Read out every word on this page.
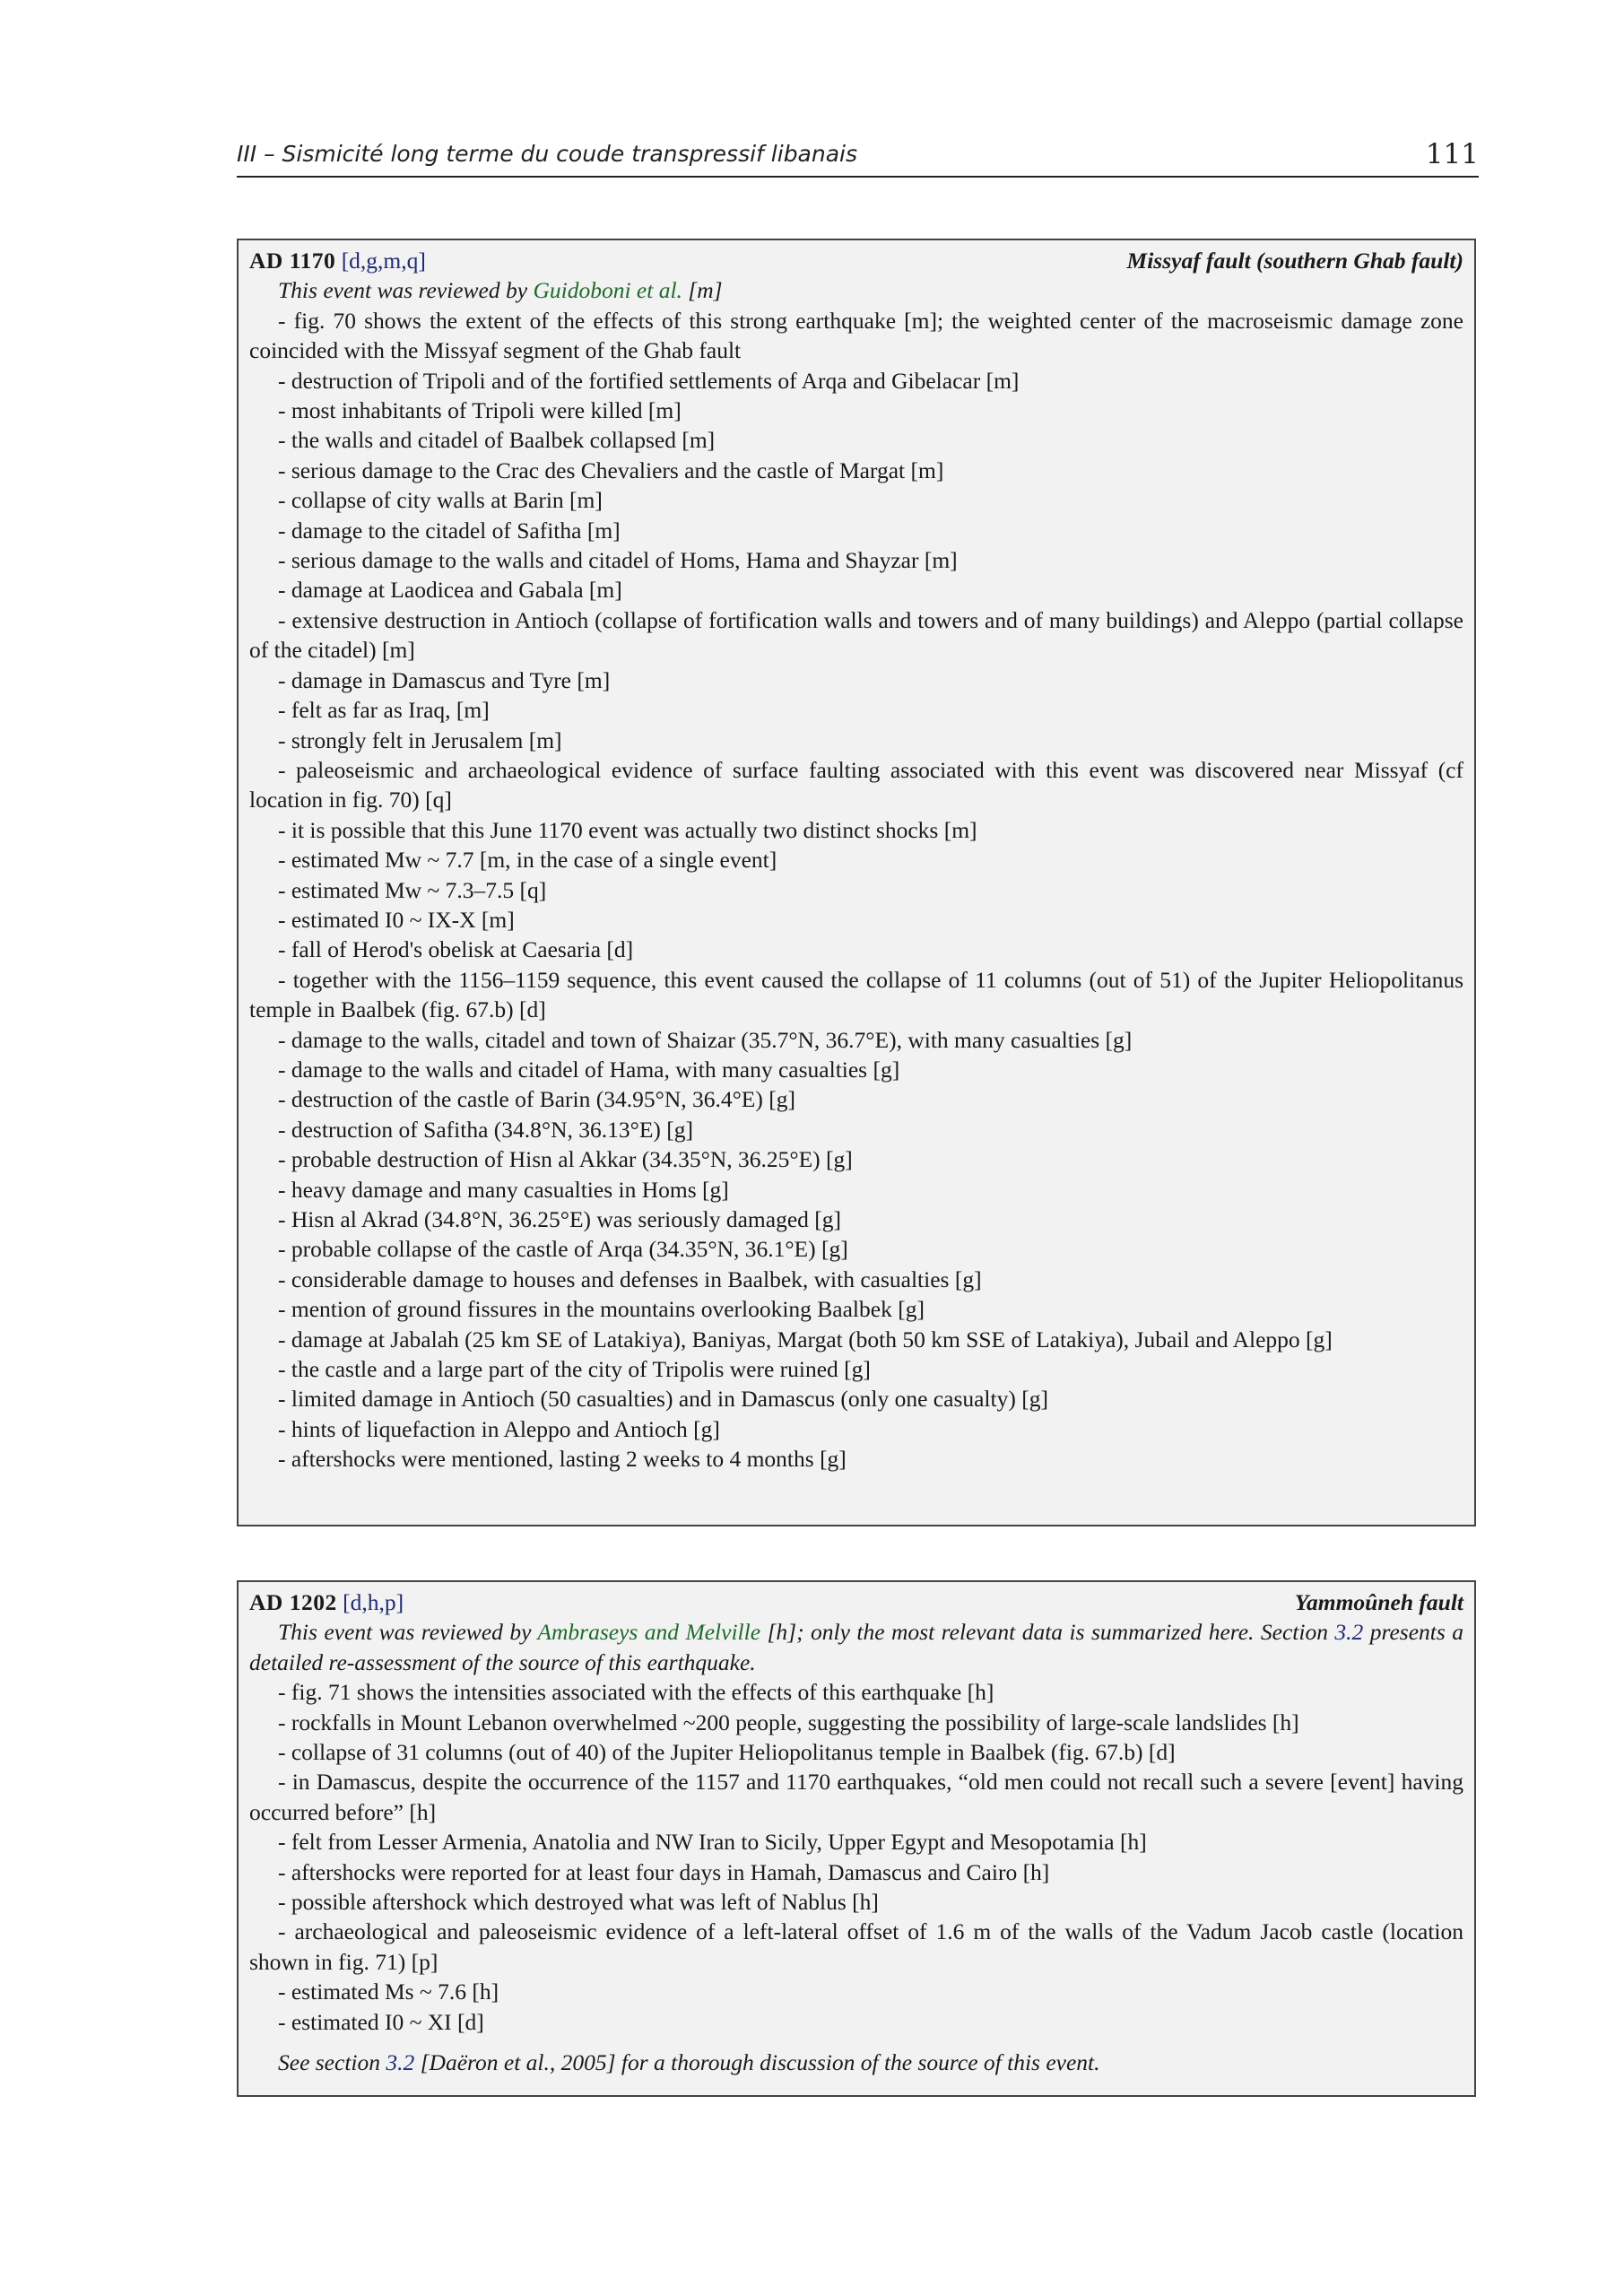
III – Sismicité long terme du coude transpressif libanais	111
AD 1170 [d,g,m,q]	Missyaf fault (southern Ghab fault)

This event was reviewed by Guidoboni et al. [m]

- fig. 70 shows the extent of the effects of this strong earthquake [m]; the weighted center of the macroseismic damage zone coincided with the Missyaf segment of the Ghab fault
- destruction of Tripoli and of the fortified settlements of Arqa and Gibelacar [m]
- most inhabitants of Tripoli were killed [m]
- the walls and citadel of Baalbek collapsed [m]
- serious damage to the Crac des Chevaliers and the castle of Margat [m]
- collapse of city walls at Barin [m]
- damage to the citadel of Safitha [m]
- serious damage to the walls and citadel of Homs, Hama and Shayzar [m]
- damage at Laodicea and Gabala [m]
- extensive destruction in Antioch (collapse of fortification walls and towers and of many buildings) and Aleppo (partial collapse of the citadel) [m]
- damage in Damascus and Tyre [m]
- felt as far as Iraq, [m]
- strongly felt in Jerusalem [m]
- paleoseismic and archaeological evidence of surface faulting associated with this event was discovered near Missyaf (cf location in fig. 70) [q]
- it is possible that this June 1170 event was actually two distinct shocks [m]
- estimated Mw ~ 7.7 [m, in the case of a single event]
- estimated Mw ~ 7.3–7.5 [q]
- estimated I0 ~ IX-X [m]
- fall of Herod's obelisk at Caesaria [d]
- together with the 1156–1159 sequence, this event caused the collapse of 11 columns (out of 51) of the Jupiter Heliopolitanus temple in Baalbek (fig. 67.b) [d]
- damage to the walls, citadel and town of Shaizar (35.7°N, 36.7°E), with many casualties [g]
- damage to the walls and citadel of Hama, with many casualties [g]
- destruction of the castle of Barin (34.95°N, 36.4°E) [g]
- destruction of Safitha (34.8°N, 36.13°E) [g]
- probable destruction of Hisn al Akkar (34.35°N, 36.25°E) [g]
- heavy damage and many casualties in Homs [g]
- Hisn al Akrad (34.8°N, 36.25°E) was seriously damaged [g]
- probable collapse of the castle of Arqa (34.35°N, 36.1°E) [g]
- considerable damage to houses and defenses in Baalbek, with casualties [g]
- mention of ground fissures in the mountains overlooking Baalbek [g]
- damage at Jabalah (25 km SE of Latakiya), Baniyas, Margat (both 50 km SSE of Latakiya), Jubail and Aleppo [g]
- the castle and a large part of the city of Tripolis were ruined [g]
- limited damage in Antioch (50 casualties) and in Damascus (only one casualty) [g]
- hints of liquefaction in Aleppo and Antioch [g]
- aftershocks were mentioned, lasting 2 weeks to 4 months [g]
AD 1202 [d,h,p]	Yammoûneh fault

This event was reviewed by Ambraseys and Melville [h]; only the most relevant data is summarized here. Section 3.2 presents a detailed re-assessment of the source of this earthquake.

- fig. 71 shows the intensities associated with the effects of this earthquake [h]
- rockfalls in Mount Lebanon overwhelmed ~200 people, suggesting the possibility of large-scale landslides [h]
- collapse of 31 columns (out of 40) of the Jupiter Heliopolitanus temple in Baalbek (fig. 67.b) [d]
- in Damascus, despite the occurrence of the 1157 and 1170 earthquakes, “old men could not recall such a severe [event] having occurred before” [h]
- felt from Lesser Armenia, Anatolia and NW Iran to Sicily, Upper Egypt and Mesopotamia [h]
- aftershocks were reported for at least four days in Hamah, Damascus and Cairo [h]
- possible aftershock which destroyed what was left of Nablus [h]
- archaeological and paleoseismic evidence of a left-lateral offset of 1.6 m of the walls of the Vadum Jacob castle (location shown in fig. 71) [p]
- estimated Ms ~ 7.6 [h]
- estimated I0 ~ XI [d]
See section 3.2 [Daëron et al., 2005] for a thorough discussion of the source of this event.
